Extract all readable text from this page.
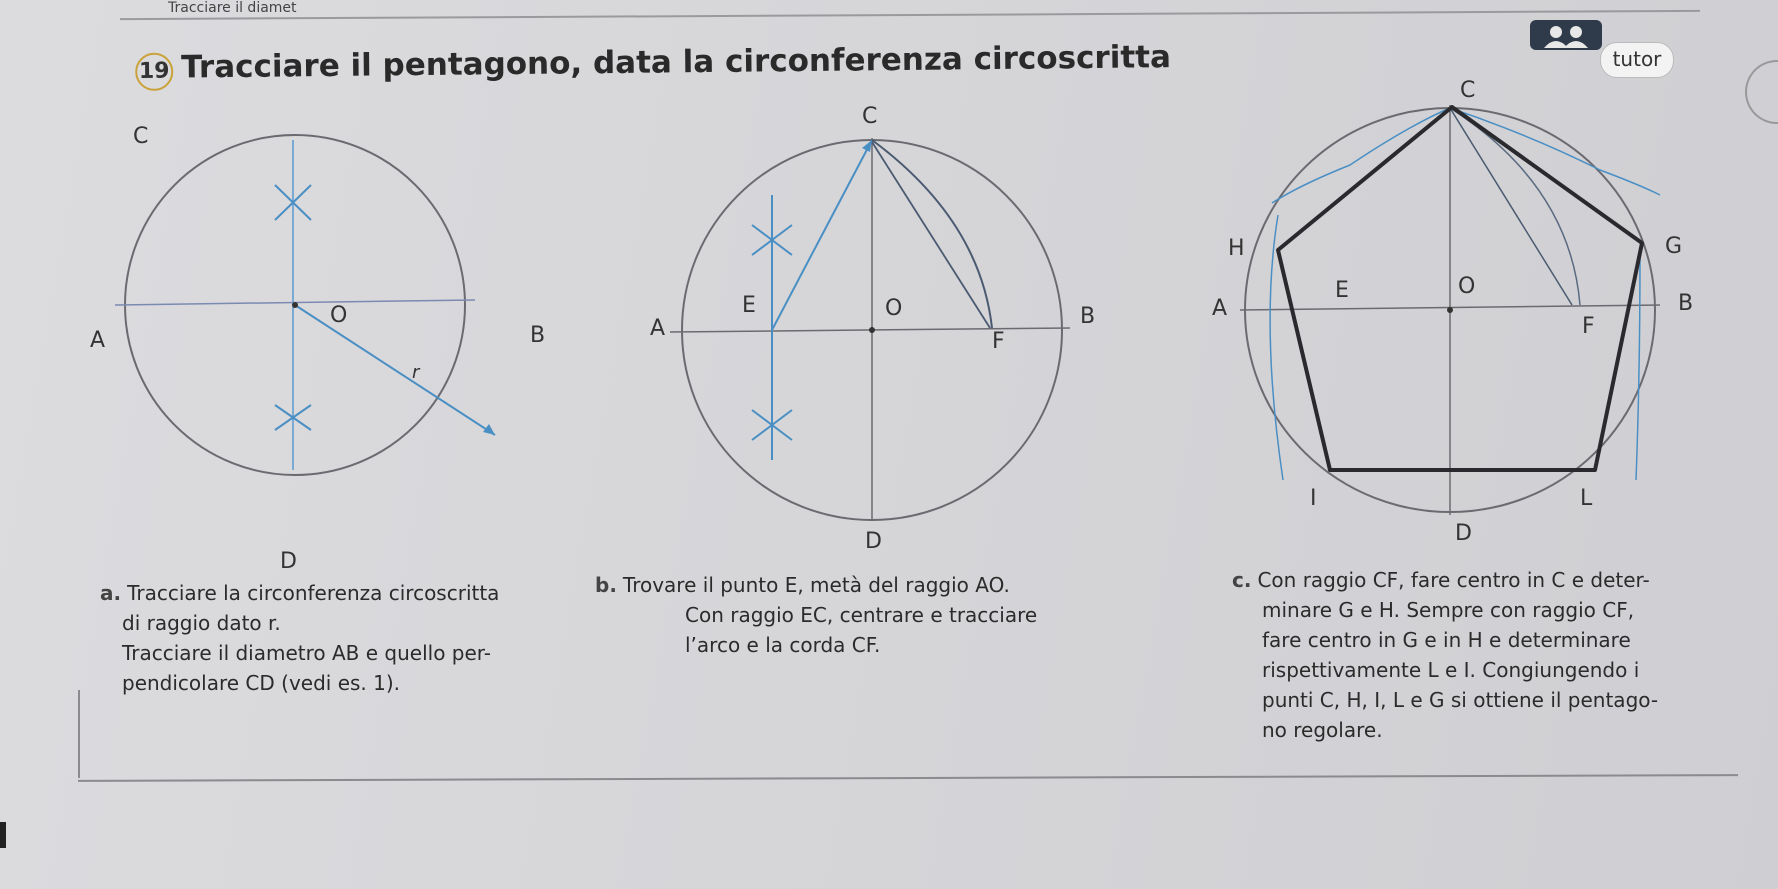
Tracciare il diamet
19 Tracciare il pentagono, data la circonferenza circoscritta	tutor
C
A
O
B
r
D
C
A
E	O
F
B
D
C
H	G
A
E	O
F
B
I	L
D
a. Tracciare la circonferenza circoscritta
di raggio dato r.
Tracciare il diametro AB e quello per-
pendicolare CD (vedi es. 1).
b. Trovare il punto E, metà del raggio AO.
Con raggio EC, centrare e tracciare
l’arco e la corda CF.
c. Con raggio CF, fare centro in C e deter-
minare G e H. Sempre con raggio CF,
fare centro in G e in H e determinare
rispettivamente L e I. Congiungendo i
punti C, H, I, L e G si ottiene il pentago-
no regolare.
